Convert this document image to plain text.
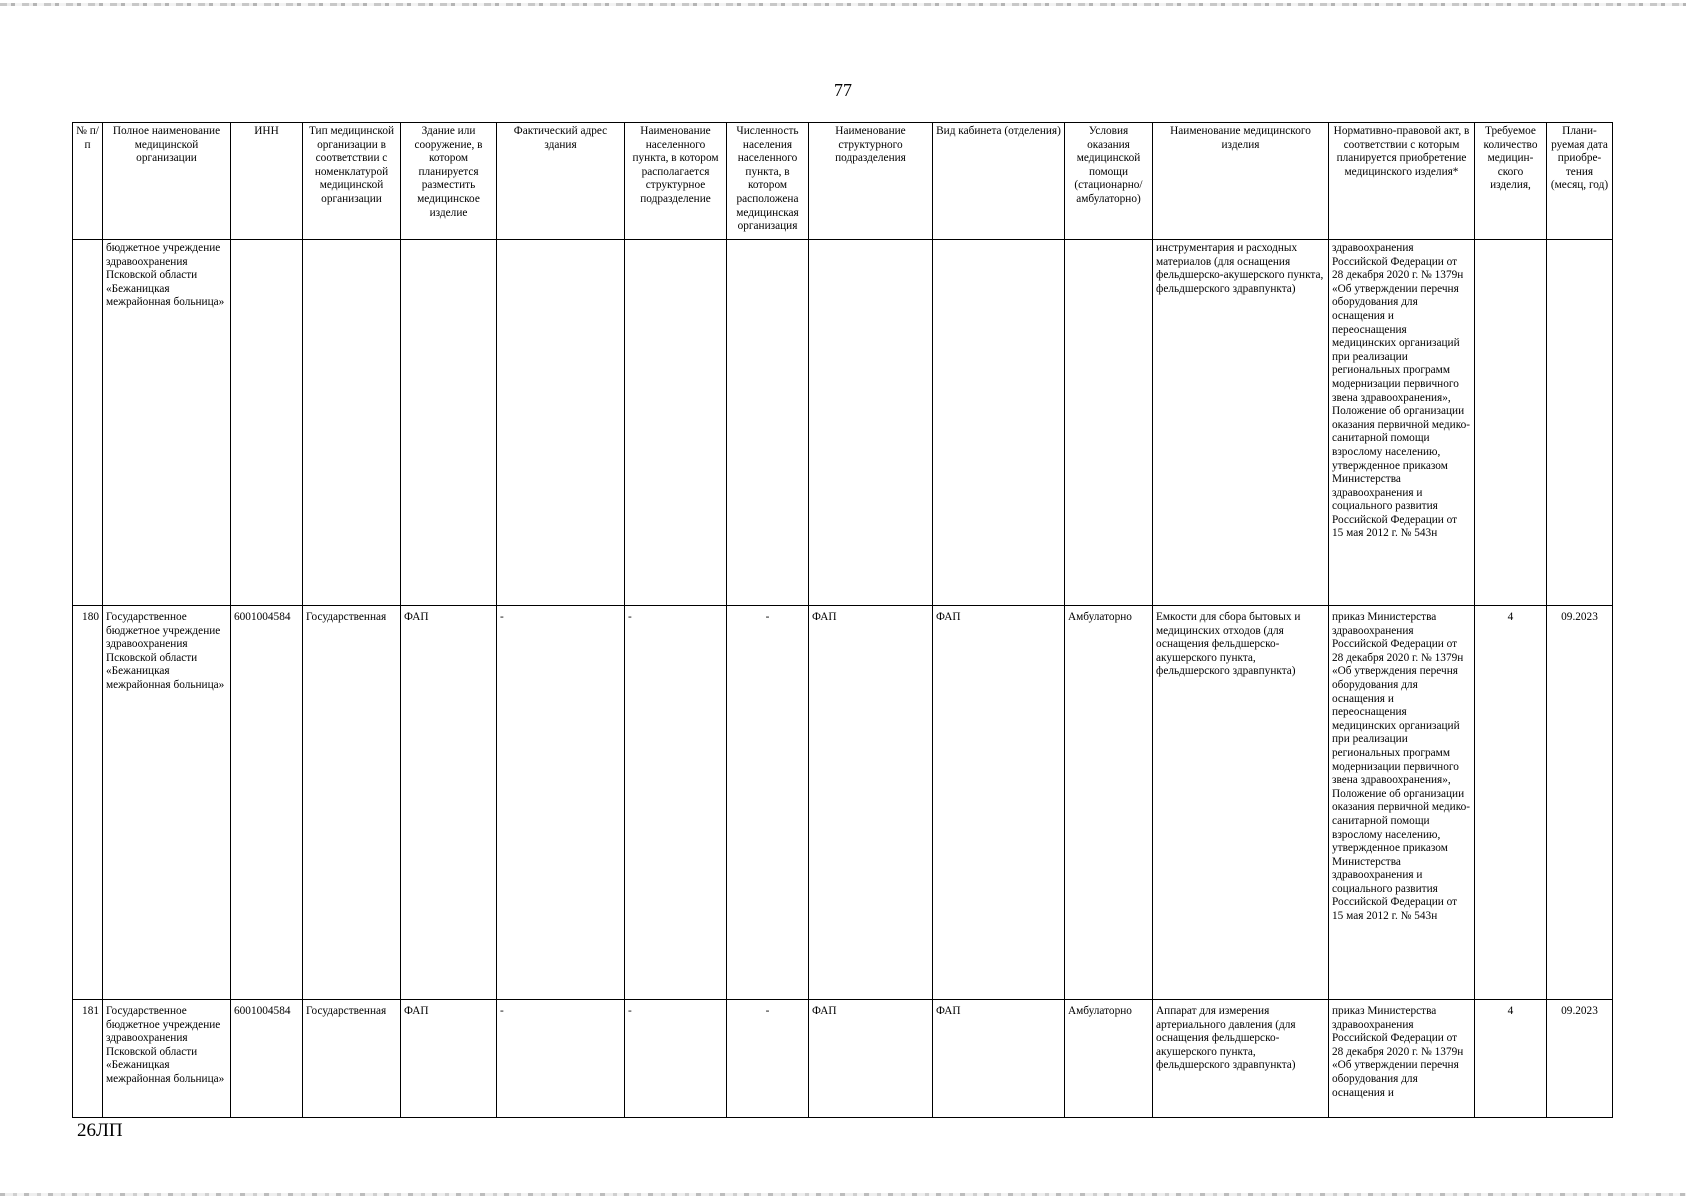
77
№ п/п	Полное наименование медицинской организации	ИНН	Тип медицинской организации в соответствии с номенклатурой медицинской организации	Здание или сооружение, в котором планируется разместить медицинское изделие	Фактический адрес здания	Наименование населенного пункта, в котором располагается структурное подразделение	Численность населения населенного пункта, в котором расположена медицинская организация	Наименование структурного подразделения	Вид кабинета (отделения)	Условия оказания медицинской помощи (стационарно/ амбулаторно)	Наименование медицинского изделия	Нормативно-правовой акт, в соответствии с которым планируется приобретение медицинского изделия*	Требуемое количество медицин- ского изделия,	Плани- руемая дата приобре- тения (месяц, год)
	бюджетное учреждение здравоохранения Псковской области «Бежаницкая межрайонная больница»										инструментария и расходных материалов (для оснащения фельдшерско-акушерского пункта, фельдшерского здравпункта)	здравоохранения Российской Федерации от 28 декабря 2020 г. № 1379н «Об утверждении перечня оборудования для оснащения и переоснащения медицинских организаций при реализации региональных программ модернизации первичного звена здравоохранения», Положение об организации оказания первичной медико-санитарной помощи взрослому населению, утвержденное приказом Министерства здравоохранения и социального развития Российской Федерации от 15 мая 2012 г. № 543н		
180	Государственное бюджетное учреждение здравоохранения Псковской области «Бежаницкая межрайонная больница»	6001004584	Государственная	ФАП	-	-	-	ФАП	ФАП	Амбулаторно	Емкости для сбора бытовых и медицинских отходов (для оснащения фельдшерско-акушерского пункта, фельдшерского здравпункта)	приказ Министерства здравоохранения Российской Федерации от 28 декабря 2020 г. № 1379н «Об утверждения перечня оборудования для оснащения и переоснащения медицинских организаций при реализации региональных программ модернизации первичного звена здравоохранения», Положение об организации оказания первичной медико-санитарной помощи взрослому населению, утвержденное приказом Министерства здравоохранения и социального развития Российской Федерации от 15 мая 2012 г. № 543н	4	09.2023
181	Государственное бюджетное учреждение здравоохранения Псковской области «Бежаницкая межрайонная больница»	6001004584	Государственная	ФАП	-	-	-	ФАП	ФАП	Амбулаторно	Аппарат для измерения артериального давления (для оснащения фельдшерско-акушерского пункта, фельдшерского здравпункта)	приказ Министерства здравоохранения Российской Федерации от 28 декабря 2020 г. № 1379н «Об утверждении перечня оборудования для оснащения и	4	09.2023
26ЛП
